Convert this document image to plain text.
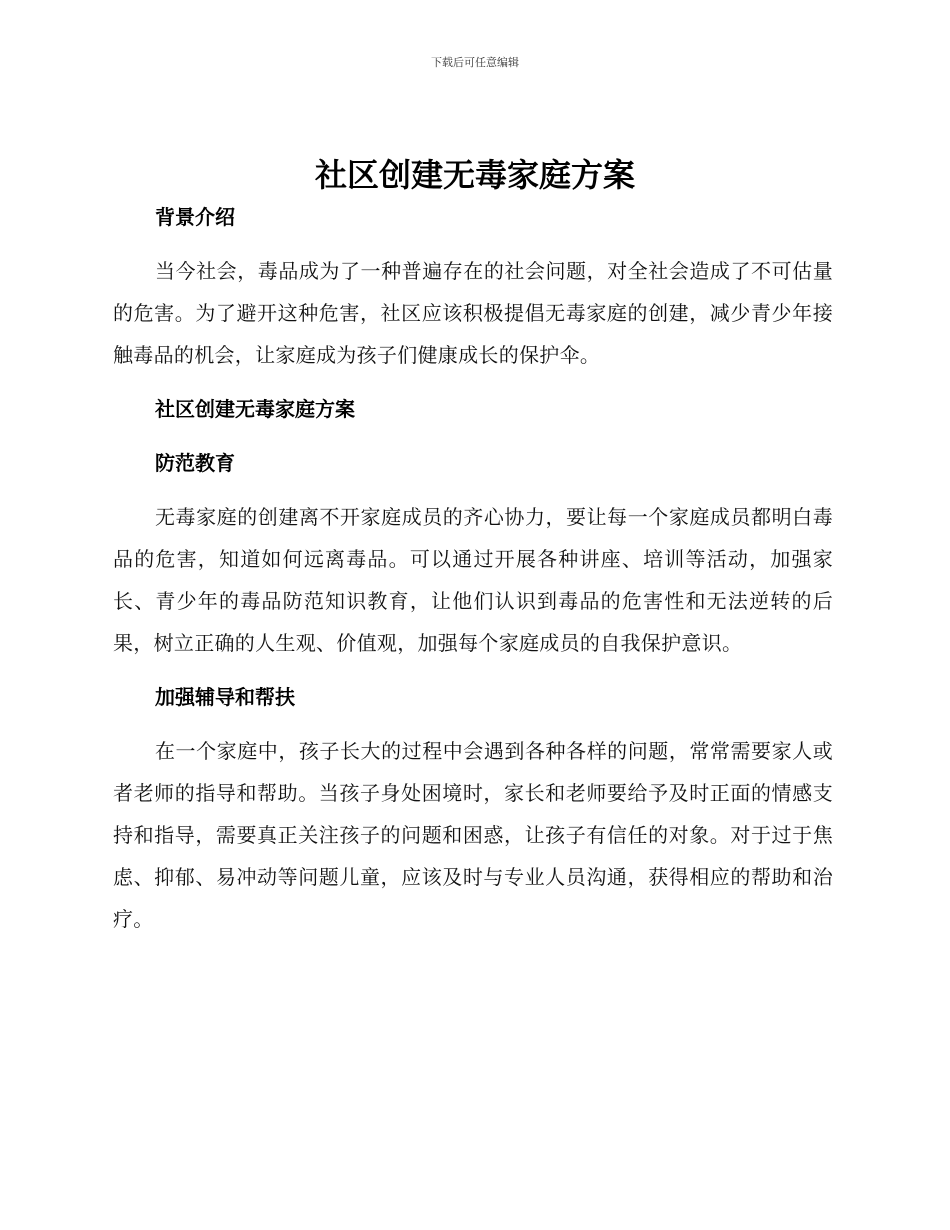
下载后可任意编辑
社区创建无毒家庭方案
背景介绍

当今社会，毒品成为了一种普遍存在的社会问题，对全社会造成了不可估量的危害。为了避开这种危害，社区应该积极提倡无毒家庭的创建，减少青少年接触毒品的机会，让家庭成为孩子们健康成长的保护伞。

社区创建无毒家庭方案
防范教育

无毒家庭的创建离不开家庭成员的齐心协力，要让每一个家庭成员都明白毒品的危害，知道如何远离毒品。可以通过开展各种讲座、培训等活动，加强家长、青少年的毒品防范知识教育，让他们认识到毒品的危害性和无法逆转的后果，树立正确的人生观、价值观，加强每个家庭成员的自我保护意识。

加强辅导和帮扶

在一个家庭中，孩子长大的过程中会遇到各种各样的问题，常常需要家人或者老师的指导和帮助。当孩子身处困境时，家长和老师要给予及时正面的情感支持和指导，需要真正关注孩子的问题和困惑，让孩子有信任的对象。对于过于焦虑、抑郁、易冲动等问题儿童，应该及时与专业人员沟通，获得相应的帮助和治疗。
